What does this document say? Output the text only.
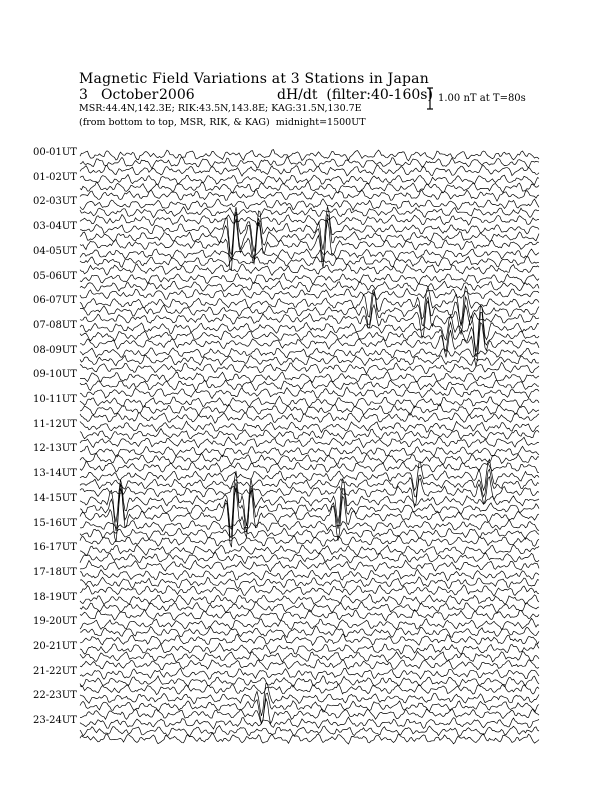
Magnetic Field Variations at 3 Stations in Japan
3 October2006	dH/dt (filter:40-160s)
MSR:44.4N,142.3E; RIK:43.5N,143.8E; KAG:31.5N,130.7E
(from bottom to top, MSR, RIK, & KAG) midnight=1500UT
1.00 nT at T=80s
00-01UT
01-02UT
02-03UT
03-04UT
04-05UT
05-06UT
06-07UT
07-08UT
08-09UT
09-10UT
10-11UT
11-12UT
12-13UT
13-14UT
14-15UT
15-16UT
16-17UT
17-18UT
18-19UT
19-20UT
20-21UT
21-22UT
22-23UT
23-24UT
